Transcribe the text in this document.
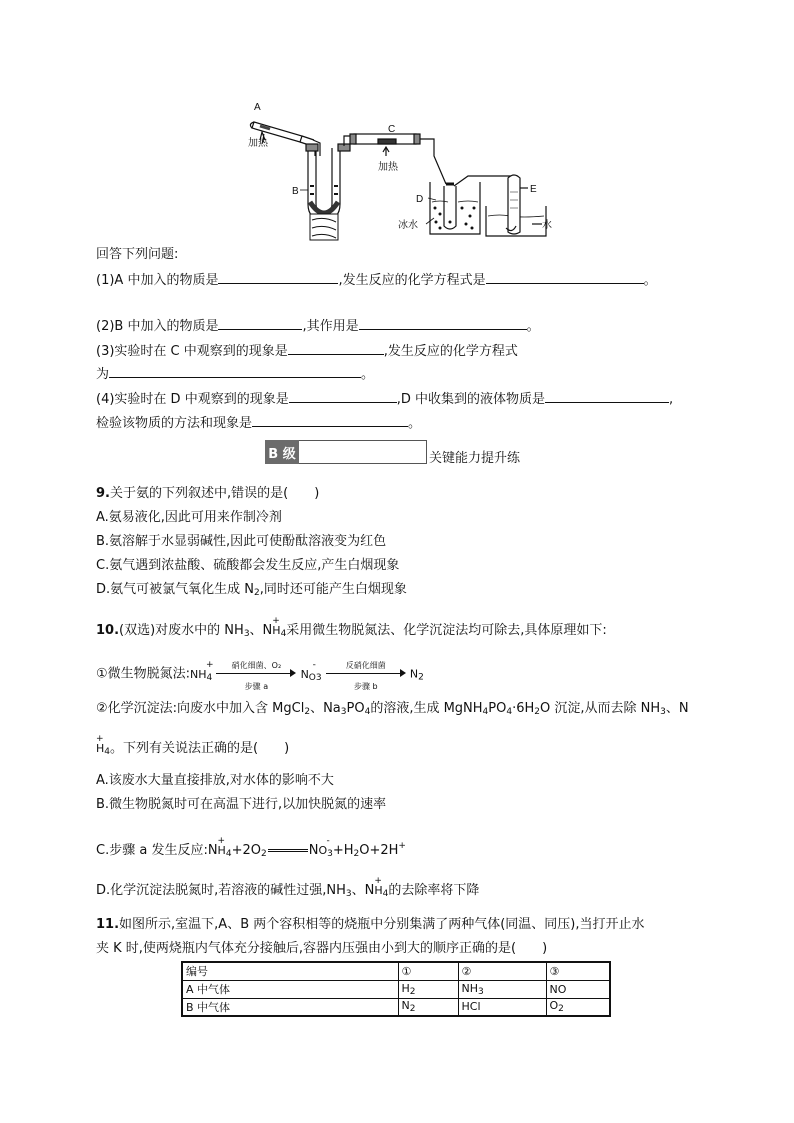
A
加热
B
C
加热
D
冰水
E
水
回答下列问题:
(1)A 中加入的物质是	,发生反应的化学方程式是	。
(2)B 中加入的物质是	,其作用是	。
(3)实验时在 C 中观察到的现象是	,发生反应的化学方程式
为	。
(4)实验时在 D 中观察到的现象是	,D 中收集到的液体物质是	,
检验该物质的方法和现象是	。
B 级	关键能力提升练
9.关于氨的下列叙述中,错误的是(　　)
A.氨易液化,因此可用来作制冷剂
B.氨溶解于水显弱碱性,因此可使酚酞溶液变为红色
C.氨气遇到浓盐酸、硫酸都会发生反应,产生白烟现象
D.氨气可被氯气氧化生成 $N_2$,同时还可能产生白烟现象
10.(双选)对废水中的 $NH_3$、$NH_4$
+
采用微生物脱氮法、化学沉淀法均可除去,具体原理如下:
①微生物脱氮法$:NH_4$
+
	硝化细菌、O₂
步骤 a
$N_{O3}$
-
	反硝化细菌
步骤 b
$N_2$
②化学沉淀法:向废水中加入含 MgCl$_2$、$Na_3PO_4$的溶液,生成 $MgNH_4PO_4\cdot 6H_2O$ 沉淀,从而去除 $NH_3$、N
$H_4$
+
。下列有关说法正确的是(　　)
A.该废水大量直接排放,对水体的影响不大
B.微生物脱氮时可在高温下进行,以加快脱氮的速率
C.步骤 a 发生反应$:NH_4$
+
$+2O_2$	$NO_3$
-
$+H_2O+2H^+$
D.化学沉淀法脱氮时,若溶液的碱性过强$,NH_3$、$NH_4$
+
的去除率将下降
11.如图所示,室温下,A、B 两个容积相等的烧瓶中分别集满了两种气体(同温、同压),当打开止水
夹 K 时,使两烧瓶内气体充分接触后,容器内压强由小到大的顺序正确的是(　　)
编号	①	②	③
A 中气体	$H_2$	$NH_3$	NO
B 中气体	$N_2$	HCl	$O_2$
